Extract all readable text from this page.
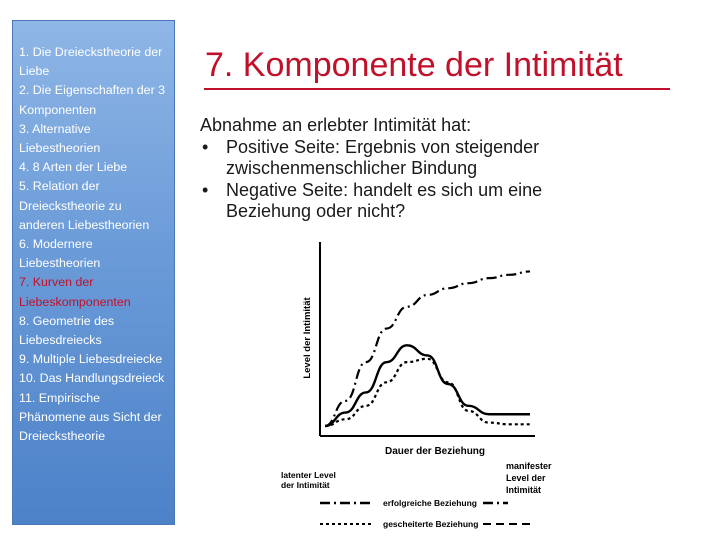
1. Die Dreieckstheorie der Liebe
2. Die Eigenschaften der 3 Komponenten
3. Alternative Liebestheorien
4. 8 Arten der Liebe
5. Relation der Dreieckstheorie zu anderen Liebestheorien
6. Modernere Liebestheorien
7. Kurven der Liebeskomponenten
8. Geometrie des Liebesdreiecks
9. Multiple Liebesdreiecke
10. Das Handlungsdreieck
11. Empirische Phänomene aus Sicht der Dreieckstheorie
7. Komponente der Intimität

Abnahme an erlebter Intimität hat:

• Positive Seite: Ergebnis von steigender
zwischenmenschlicher Bindung

• Negative Seite: handelt es sich um eine
Beziehung oder nicht?

Level der Intimität
Dauer der Beziehung
latenter Level
der Intimität
manifester
Level der
Intimität
erfolgreiche Beziehung
gescheiterte Beziehung
